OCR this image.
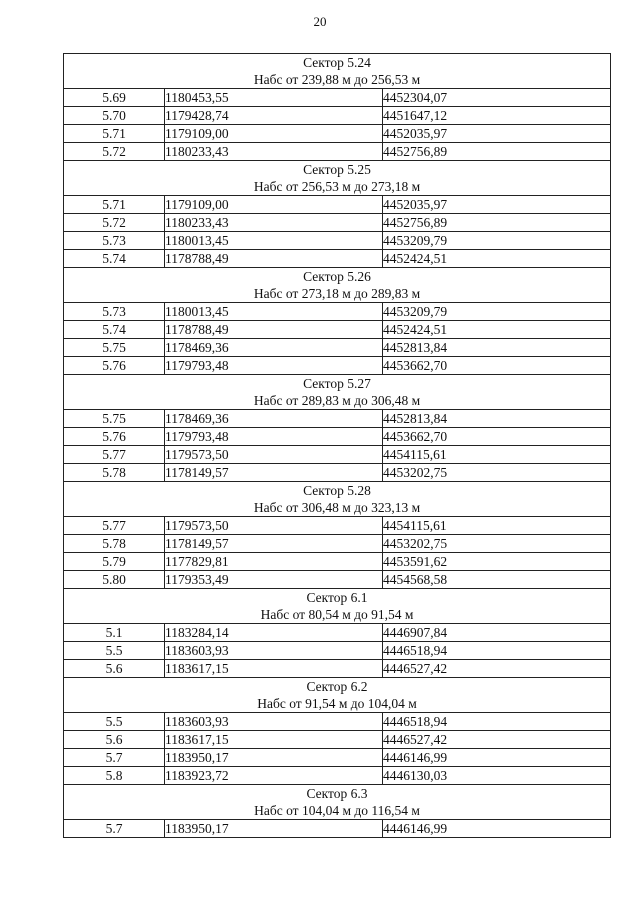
20
Сектор 5.24
Набс от 239,88 м до 256,53 м		

5.69	1180453,55	4452304,07
5.70	1179428,74	4451647,12
5.71	1179109,00	4452035,97
5.72	1180233,43	4452756,89

Сектор 5.25
Набс от 256,53 м до 273,18 м		

5.71	1179109,00	4452035,97
5.72	1180233,43	4452756,89
5.73	1180013,45	4453209,79
5.74	1178788,49	4452424,51

Сектор 5.26
Набс от 273,18 м до 289,83 м		

5.73	1180013,45	4453209,79
5.74	1178788,49	4452424,51
5.75	1178469,36	4452813,84
5.76	1179793,48	4453662,70

Сектор 5.27
Набс от 289,83 м до 306,48 м		

5.75	1178469,36	4452813,84
5.76	1179793,48	4453662,70
5.77	1179573,50	4454115,61
5.78	1178149,57	4453202,75

Сектор 5.28
Набс от 306,48 м до 323,13 м		

5.77	1179573,50	4454115,61
5.78	1178149,57	4453202,75
5.79	1177829,81	4453591,62
5.80	1179353,49	4454568,58

Сектор 6.1
Набс от 80,54 м до 91,54 м		

5.1	1183284,14	4446907,84
5.5	1183603,93	4446518,94
5.6	1183617,15	4446527,42

Сектор 6.2
Набс от 91,54 м до 104,04 м		

5.5	1183603,93	4446518,94
5.6	1183617,15	4446527,42
5.7	1183950,17	4446146,99
5.8	1183923,72	4446130,03

Сектор 6.3
Набс от 104,04 м до 116,54 м		

5.7	1183950,17	4446146,99
